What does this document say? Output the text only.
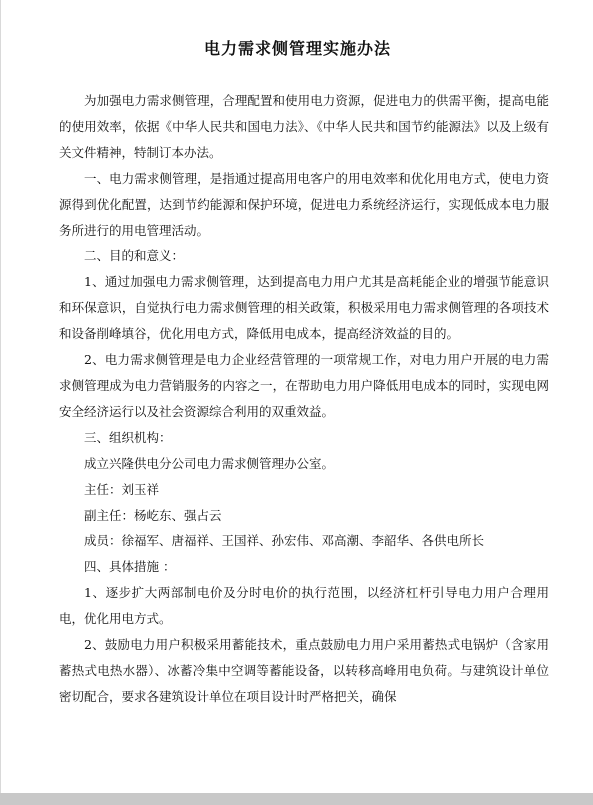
电力需求侧管理实施办法

为加强电力需求侧管理，合理配置和使用电力资源，促进电力的供需平衡，提高电能的使用效率，依据《中华人民共和国电力法》、《中华人民共和国节约能源法》以及上级有关文件精神，特制订本办法。

一、电力需求侧管理，是指通过提高用电客户的用电效率和优化用电方式，使电力资源得到优化配置，达到节约能源和保护环境，促进电力系统经济运行，实现低成本电力服务所进行的用电管理活动。

二、目的和意义：

1、通过加强电力需求侧管理，达到提高电力用户尤其是高耗能企业的增强节能意识和环保意识，自觉执行电力需求侧管理的相关政策，积极采用电力需求侧管理的各项技术和设备削峰填谷，优化用电方式，降低用电成本，提高经济效益的目的。

2、电力需求侧管理是电力企业经营管理的一项常规工作，对电力用户开展的电力需求侧管理成为电力营销服务的内容之一，在帮助电力用户降低用电成本的同时，实现电网安全经济运行以及社会资源综合利用的双重效益。

三、组织机构：

成立兴隆供电分公司电力需求侧管理办公室。

主任：刘玉祥

副主任：杨屹东、强占云

成员：徐福军、唐福祥、王国祥、孙宏伟、邓高潮、李韶华、各供电所长

四、具体措施 ：

1、逐步扩大两部制电价及分时电价的执行范围，以经济杠杆引导电力用户合理用电，优化用电方式。

2、鼓励电力用户积极采用蓄能技术，重点鼓励电力用户采用蓄热式电锅炉（含家用蓄热式电热水器）、冰蓄冷集中空调等蓄能设备，以转移高峰用电负荷。与建筑设计单位密切配合，要求各建筑设计单位在项目设计时严格把关，确保
